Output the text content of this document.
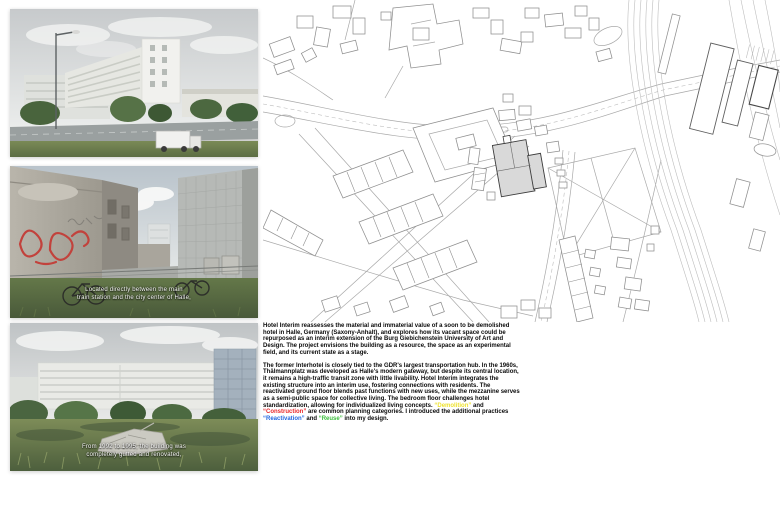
Located directly between the main
train station and the city center of Halle,
From 1992 to 1995, the building was
completely gutted and renovated,

Hotel Interim reassesses the material and immaterial value of a soon to be demolished hotel in Halle, Germany (Saxony-Anhalt), and explores how its vacant space could be repurposed as an interim extension of the Burg Giebichenstein University of Art and Design. The project envisions the building as a resource, the space as an experimental field, and its current state as a stage.

The former Interhotel is closely tied to the GDR's largest transportation hub. In the 1960s, Thälmannplatz was developed as Halle's modern gateway, but despite its central location, it remains a high-traffic transit zone with little livability. Hotel Interim integrates the existing structure into an interim use, fostering connections with residents. The reactivated ground floor blends past functions with new uses, while the mezzanine serves as a semi-public space for collective living. The bedroom floor challenges hotel standardization, allowing for individualized living concepts. “Demolition” and “Construction” are common planning categories. I introduced the additional practices “Reactivation” and “Reuse” into my design.
